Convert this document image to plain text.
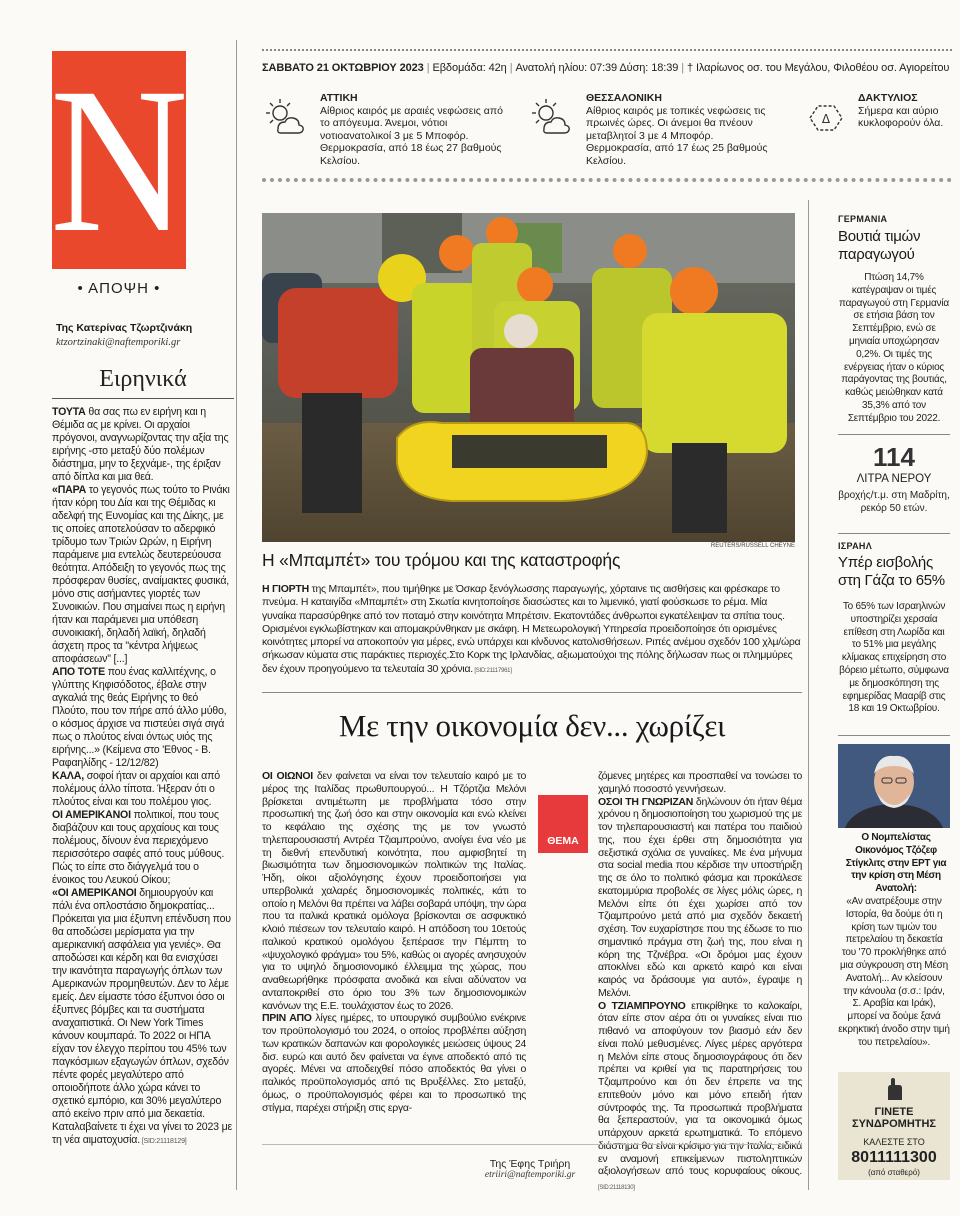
N
• ΑΠΟΨΗ •
Της Κατερίνας Τζωρτζινάκη
ktzortzinaki@naftemporiki.gr
Ειρηνικά

ΤΟΥΤΑ θα σας πω εν ειρήνη και η Θέμιδα ας με κρίνει. Οι αρχαίοι πρόγονοι, αναγνωρίζοντας την αξία της ειρήνης -στο μεταξύ δύο πολέμων διάστημα, μην το ξεχνάμε-, της έριξαν από δίπλα και μια θεά.

«ΠΑΡΑ το γεγονός πως τούτο το Ρινάκι ήταν κόρη του Δία και της Θέμιδας κι αδελφή της Ευνομίας και της Δίκης, με τις οποίες αποτελούσαν το αδερφικό τρίδυμο των Τριών Ωρών, η Ειρήνη παράμεινε μια εντελώς δευτερεύουσα θεότητα. Απόδειξη το γεγονός πως της πρόσφεραν θυσίες, αναίμακτες φυσικά, μόνο στις ασήμαντες γιορτές των Συνοικιών. Που σημαίνει πως η ειρήνη ήταν και παράμενει μια υπόθεση συνοικιακή, δηλαδή λαϊκή, δηλαδή άσχετη προς τα "κέντρα λήψεως αποφάσεων" [...]

ΑΠΟ ΤΟΤΕ που ένας καλλιτέχνης, ο γλύπτης Κηφισόδοτος, έβαλε στην αγκαλιά της θεάς Ειρήνης το θεό Πλούτο, που τον πήρε από άλλο μύθο, ο κόσμος άρχισε να πιστεύει σιγά σιγά πως ο πλούτος είναι όντως υιός της ειρήνης...» (Κείμενα στο 'Εθνος - Β. Ραφαηλίδης - 12/12/82)

ΚΑΛΑ, σοφοί ήταν οι αρχαίοι και από πολέμους άλλο τίποτα. Ήξεραν ότι ο πλούτος είναι και του πολέμου γιος.

ΟΙ ΑΜΕΡΙΚΑΝΟΙ πολιτικοί, που τους διαβάζουν και τους αρχαίους και τους πολέμους, δίνουν ένα περιεχόμενο περισσότερο σαφές από τους μύθους. Πώς το είπε στο διάγγελμά του ο ένοικος του Λευκού Οίκου;

«ΟΙ ΑΜΕΡΙΚΑΝΟΙ δημιουργούν και πάλι ένα οπλοστάσιο δημοκρατίας... Πρόκειται για μια έξυπνη επένδυση που θα αποδώσει μερίσματα για την αμερικανική ασφάλεια για γενιές». Θα αποδώσει και κέρδη και θα ενισχύσει την ικανότητα παραγωγής όπλων των Αμερικανών προμηθευτών. Δεν το λέμε εμείς. Δεν είμαστε τόσο έξυπνοι όσο οι έξυπνες βόμβες και τα συστήματα αναχαιτιστικά. Οι New York Times κάνουν κουμπαρά. Το 2022 οι ΗΠΑ είχαν τον έλεγχο περίπου του 45% των παγκόσμιων εξαγωγών όπλων, σχεδόν πέντε φορές μεγαλύτερο από οποιοδήποτε άλλο χώρα κάνει το σχετικό εμπόριο, και 30% μεγαλύτερο από εκείνο πριν από μια δεκαετία. Καταλαβαίνετε τι έχει να γίνει το 2023 με τη νέα αιματοχυσία. [SID:21118129]

ΣΑΒΒΑΤΟ 21 ΟΚΤΩΒΡΙΟΥ 2023 | Εβδομάδα: 42η | Ανατολή ηλίου: 07:39 Δύση: 18:39 | † Ιλαρίωνος οσ. του Μεγάλου, Φιλοθέου οσ. Αγιορείτου
ΑΤΤΙΚΗ
Αίθριος καιρός με αραιές νεφώσεις από το απόγευμα. Άνεμοι, νότιοι νοτιοανατολικοί 3 με 5 Μποφόρ. Θερμοκρασία, από 18 έως 27 βαθμούς Κελσίου.
ΘΕΣΣΑΛΟΝΙΚΗ
Αίθριος καιρός με τοπικές νεφώσεις τις πρωινές ώρες. Οι άνεμοι θα πνέουν μεταβλητοί 3 με 4 Μποφόρ. Θερμοκρασία, από 17 έως 25 βαθμούς Κελσίου.
Δ
ΔΑΚΤΥΛΙΟΣ
Σήμερα και αύριο κυκλοφορούν όλα.
REUTERS/RUSSELL CHEYNE
Η «Μπαμπέτ» του τρόμου και της καταστροφής
Η ΓΙΟΡΤΗ της Μπαμπέτ», που τιμήθηκε με Όσκαρ ξενόγλωσσης παραγωγής, χόρταινε τις αισθήσεις και φρέσκαρε το πνεύμα. Η καταιγίδα «Μπαμπέτ» στη Σκωτία κινητοποίησε διασώστες και το λιμενικό, γιατί φούσκωσε το ρέμα. Μία γυναίκα παρασύρθηκε από τον ποταμό στην κοινότητα Μπρέτσιν. Εκατοντάδες άνθρωποι εγκατέλειψαν τα σπίτια τους. Ορισμένοι εγκλωβίστηκαν και απομακρύνθηκαν με σκάφη. Η Μετεωρολογική Υπηρεσία προειδοποίησε ότι ορισμένες κοινότητες μπορεί να αποκοπούν για μέρες, ενώ υπάρχει και κίνδυνος κατολισθήσεων. Ριπές ανέμου σχεδόν 100 χλμ/ώρα σήκωσαν κύματα στις παράκτιες περιοχές.Στο Κορκ της Ιρλανδίας, αξιωματούχοι της πόλης δήλωσαν πως οι πλημμύρες δεν έχουν προηγούμενο τα τελευταία 30 χρόνια. [SID:21117961]
ΓΕΡΜΑΝΙΑ
Βουτιά τιμών παραγωγού
Πτώση 14,7% κατέγραψαν οι τιμές παραγωγού στη Γερμανία σε ετήσια βάση τον Σεπτέμβριο, ενώ σε μηνιαία υποχώρησαν 0,2%. Οι τιμές της ενέργειας ήταν ο κύριος παράγοντας της βουτιάς, καθώς μειώθηκαν κατά 35,3% από τον Σεπτέμβριο του 2022.
114
ΛΙΤΡΑ ΝΕΡΟΥ
βροχής/τ.μ. στη Μαδρίτη, ρεκόρ 50 ετών.
ΙΣΡΑΗΛ
Υπέρ εισβολής στη Γάζα το 65%
Το 65% των Ισραηλινών υποστηρίζει χερσαία επίθεση στη Λωρίδα και το 51% μια μεγάλης κλίμακας επιχείρηση στο βόρειο μέτωπο, σύμφωνα με δημοσκόπηση της εφημερίδας Μααρίβ στις 18 και 19 Οκτωβρίου.
Ο Νομπελίστας Οικονόμος Τζόζεφ Στίγκλιτς στην ΕΡΤ για την κρίση στη Μέση Ανατολή:
«Αν ανατρέξουμε στην Ιστορία, θα δούμε ότι η κρίση των τιμών του πετρελαίου τη δεκαετία του '70 προκλήθηκε από μια σύγκρουση στη Μέση Ανατολή... Αν κλείσουν την κάνουλα (σ.σ.: Ιράν, Σ. Αραβία και Ιράκ), μπορεί να δούμε ξανά εκρηκτική άνοδο στην τιμή του πετρελαίου».
ΓΙΝΕΤΕ
ΣΥΝΔΡΟΜΗΤΗΣ
ΚΑΛΕΣΤΕ ΣΤΟ
8011111300
(από σταθερό)
Με την οικονομία δεν... χωρίζει
ΟΙ ΟΙΩΝΟΙ δεν φαίνεται να είναι τον τελευταίο καιρό με το μέρος της Ιταλίδας πρωθυπουργού... Η Τζόρτζια Μελόνι βρίσκεται αντιμέτωπη με προβλήματα τόσο στην προσωπική της ζωή όσο και στην οικονομία και ενώ κλείνει το κεφάλαιο της σχέσης της με τον γνωστό τηλεπαρουσιαστή Αντρέα Τζιαμπρούνο, ανοίγει ένα νέο με τη διεθνή επενδυτική κοινότητα, που αμφισβητεί τη βιωσιμότητα των δημοσιονομικών πολιτικών της Ιταλίας. Ήδη, οίκοι αξιολόγησης έχουν προειδοποιήσει για υπερβολικά χαλαρές δημοσιονομικές πολιτικές, κάτι το οποίο η Μελόνι θα πρέπει να λάβει σοβαρά υπόψη, την ώρα που τα ιταλικά κρατικά ομόλογα βρίσκονται σε ασφυκτικό κλοιό πιέσεων τον τελευταίο καιρό. Η απόδοση του 10ετούς ιταλικού κρατικού ομολόγου ξεπέρασε την Πέμπτη το «ψυχολογικό φράγμα» του 5%, καθώς οι αγορές ανησυχούν για το υψηλό δημοσιονομικό έλλειμμα της χώρας, που αναθεωρήθηκε πρόσφατα ανοδικά και είναι αδύνατον να ανταποκριθεί στο όριο του 3% των δημοσιονομικών κανόνων της Ε.Ε. τουλάχιστον έως το 2026.
ΠΡΙΝ ΑΠΟ λίγες ημέρες, το υπουργικό συμβούλιο ενέκρινε τον προϋπολογισμό του 2024, ο οποίος προβλέπει αύξηση των κρατικών δαπανών και φορολογικές μειώσεις ύψους 24 δισ. ευρώ και αυτό δεν φαίνεται να έγινε αποδεκτό από τις αγορές. Μένει να αποδειχθεί πόσο αποδεκτός θα γίνει ο ιταλικός προϋπολογισμός από τις Βρυξέλλες. Στο μεταξύ, όμως, ο προϋπολογισμός φέρει και το προσωπικό της στίγμα, παρέχει στήριξη στις εργα-
ΘΕΜΑ
ζόμενες μητέρες και προσπαθεί να τονώσει το χαμηλό ποσοστό γεννήσεων.
ΟΣΟΙ ΤΗ ΓΝΩΡΙΖΑΝ δηλώνουν ότι ήταν θέμα χρόνου η δημοσιοποίηση του χωρισμού της με τον τηλεπαρουσιαστή και πατέρα του παιδιού της, που έχει έρθει στη δημοσιότητα για σεξιστικά σχόλια σε γυναίκες. Με ένα μήνυμα στα social media που κέρδισε την υποστήριξη της σε όλο το πολιτικό φάσμα και προκάλεσε εκατομμύρια προβολές σε λίγες μόλις ώρες, η Μελόνι είπε ότι έχει χωρίσει από τον Τζιαμπρούνο μετά από μια σχεδόν δεκαετή σχέση. Τον ευχαρίστησε που της έδωσε το πιο σημαντικό πράγμα στη ζωή της, που είναι η κόρη της Τζινέβρα. «Οι δρόμοι μας έχουν αποκλίνει εδώ και αρκετό καιρό και είναι καιρός να δράσουμε για αυτό», έγραψε η Μελόνι.
Ο ΤΖΙΑΜΠΡΟΥΝΟ επικρίθηκε το καλοκαίρι, όταν είπε στον αέρα ότι οι γυναίκες είναι πιο πιθανό να αποφύγουν τον βιασμό εάν δεν είναι πολύ μεθυσμένες. Λίγες μέρες αργότερα η Μελόνι είπε στους δημοσιογράφους ότι δεν πρέπει να κριθεί για τις παρατηρήσεις του Τζιαμπρούνο και ότι δεν έπρεπε να της επιτεθούν μόνο και μόνο επειδή ήταν σύντροφός της. Τα προσωπικά προβλήματα θα ξεπεραστούν, για τα οικονομικά όμως υπάρχουν αρκετά ερωτηματικά. Το επόμενο διάστημα θα είναι κρίσιμο για την Ιταλία, ειδικά εν αναμονή επικείμενων πιστοληπτικών αξιολογήσεων από τους κορυφαίους οίκους. [SID:21118130]
Της Έφης Τριήρη
etriiri@naftemporiki.gr
